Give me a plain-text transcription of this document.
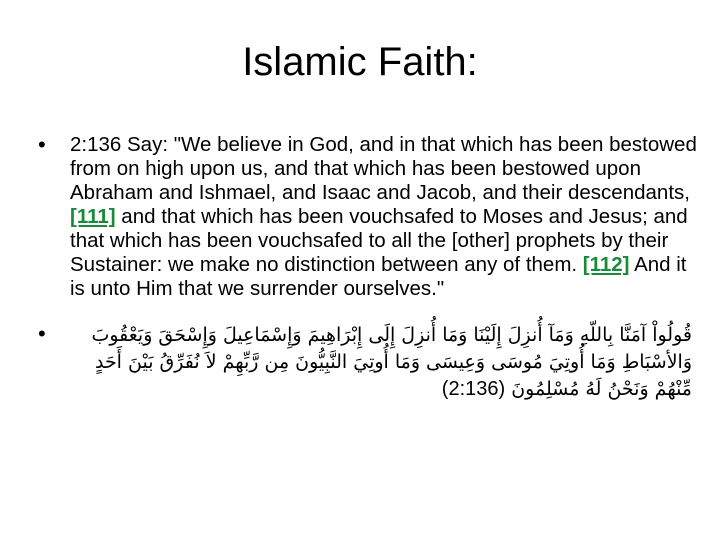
Islamic Faith:
• 2:136 Say: "We believe in God, and in that which has been bestowed from on high upon us, and that which has been bestowed upon Abraham and Ishmael, and Isaac and Jacob, and their descendants, [111] and that which has been vouchsafed to Moses and Jesus; and that which has been vouchsafed to all the [other] prophets by their Sustainer: we make no distinction between any of them. [112] And it is unto Him that we surrender ourselves."
•	قُولُواْ آمَنَّا بِاللّهِ وَمَآ أُنزِلَ إِلَيْنَا وَمَا أُنزِلَ إِلَى إِبْرَاهِيمَ وَإِسْمَاعِيلَ وَإِسْحَقَ وَيَعْقُوبَ وَالأسْبَاطِ وَمَا أُوتِيَ مُوسَى وَعِيسَى وَمَا أُوتِيَ النَّبِيُّونَ مِن رَّبِّهِمْ لاَ نُفَرِّقُ بَيْنَ أَحَدٍ مِّنْهُمْ وَنَحْنُ لَهُ مُسْلِمُونَ (2:136)
